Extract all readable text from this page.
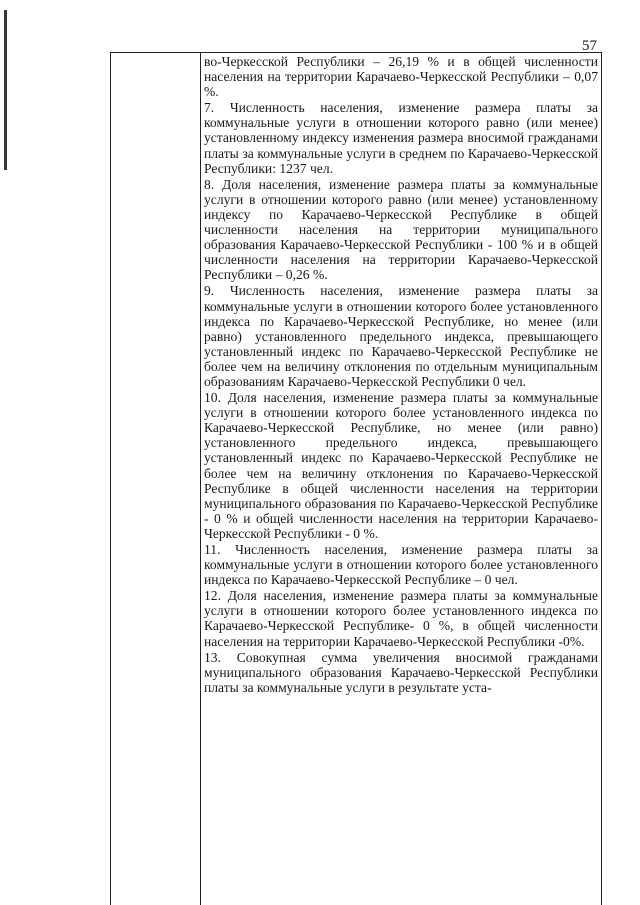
57

во-Черкесской Республики – 26,19 % и в общей численности населения на территории Карачаево-Черкесской Республики – 0,07 %.

7. Численность населения, изменение размера платы за коммунальные услуги в отношении которого равно (или менее) установленному индексу изменения размера вносимой гражданами платы за коммунальные услуги в среднем по Карачаево-Черкесской Республики: 1237 чел.

8. Доля населения, изменение размера платы за коммунальные услуги в отношении которого равно (или менее) установленному индексу по Карачаево-Черкесской Республике в общей численности населения на территории муниципального образования Карачаево-Черкесской Республики - 100 % и в общей численности населения на территории Карачаево-Черкесской Республики – 0,26 %.

9. Численность населения, изменение размера платы за коммунальные услуги в отношении которого более установленного индекса по Карачаево-Черкесской Республике, но менее (или равно) установленного предельного индекса, превышающего установленный индекс по Карачаево-Черкесской Республике не более чем на величину отклонения по отдельным муниципальным образованиям Карачаево-Черкесской Республики 0 чел.

10. Доля населения, изменение размера платы за коммунальные услуги в отношении которого более установленного индекса по Карачаево-Черкесской Республике, но менее (или равно) установленного предельного индекса, превышающего установленный индекс по Карачаево-Черкесской Республике не более чем на величину отклонения по Карачаево-Черкесской Республике в общей численности населения на территории муниципального образования по Карачаево-Черкесской Республике - 0 % и общей численности населения на территории Карачаево-Черкесской Республики - 0 %.

11. Численность населения, изменение размера платы за коммунальные услуги в отношении которого более установленного индекса по Карачаево-Черкесской Республике – 0 чел.

12. Доля населения, изменение размера платы за коммунальные услуги в отношении которого более установленного индекса по Карачаево-Черкесской Республике- 0 %, в общей численности населения на территории Карачаево-Черкесской Республики -0%.

13. Совокупная сумма увеличения вносимой гражданами муниципального образования Карачаево-Черкесской Республики платы за коммунальные услуги в результате уста-
